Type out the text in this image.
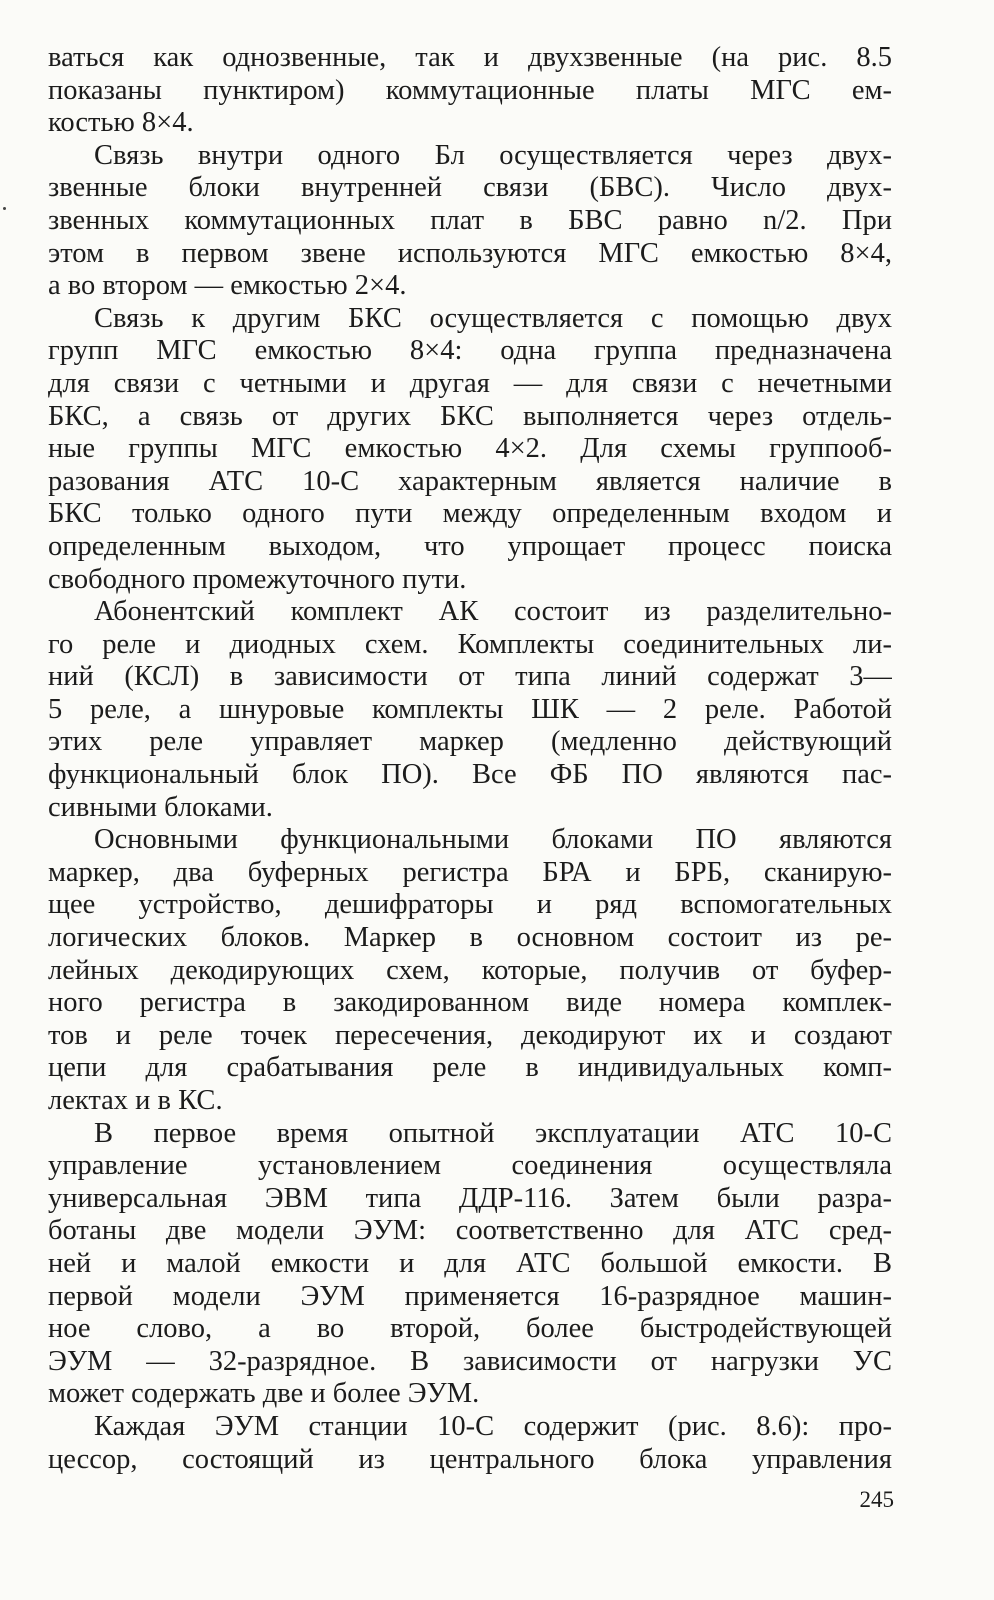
ваться как однозвенные, так и двухзвенные (на рис. 8.5
показаны пунктиром) коммутационные платы МГС ем-
костью 8×4.
Связь внутри одного Бл осуществляется через двух-
звенные блоки внутренней связи (БВС). Число двух-
звенных коммутационных плат в БВС равно n/2. При
этом в первом звене используются МГС емкостью 8×4,
а во втором — емкостью 2×4.
Связь к другим БКС осуществляется с помощью двух
групп МГС емкостью 8×4: одна группа предназначена
для связи с четными и другая — для связи с нечетными
БКС, а связь от других БКС выполняется через отдель-
ные группы МГС емкостью 4×2. Для схемы группооб-
разования АТС 10-С характерным является наличие в
БКС только одного пути между определенным входом и
определенным выходом, что упрощает процесс поиска
свободного промежуточного пути.
Абонентский комплект АК состоит из разделительно-
го реле и диодных схем. Комплекты соединительных ли-
ний (КСЛ) в зависимости от типа линий содержат 3—
5 реле, а шнуровые комплекты ШК — 2 реле. Работой
этих реле управляет маркер (медленно действующий
функциональный блок ПО). Все ФБ ПО являются пас-
сивными блоками.
Основными функциональными блоками ПО являются
маркер, два буферных регистра БРА и БРБ, сканирую-
щее устройство, дешифраторы и ряд вспомогательных
логических блоков. Маркер в основном состоит из ре-
лейных декодирующих схем, которые, получив от буфер-
ного регистра в закодированном виде номера комплек-
тов и реле точек пересечения, декодируют их и создают
цепи для срабатывания реле в индивидуальных комп-
лектах и в КС.
В первое время опытной эксплуатации АТС 10-С
управление установлением соединения осуществляла
универсальная ЭВМ типа ДДР-116. Затем были разра-
ботаны две модели ЭУМ: соответственно для АТС сред-
ней и малой емкости и для АТС большой емкости. В
первой модели ЭУМ применяется 16-разрядное машин-
ное слово, а во второй, более быстродействующей
ЭУМ — 32-разрядное. В зависимости от нагрузки УС
может содержать две и более ЭУМ.
Каждая ЭУМ станции 10-С содержит (рис. 8.6): про-
цессор, состоящий из центрального блока управления
245
